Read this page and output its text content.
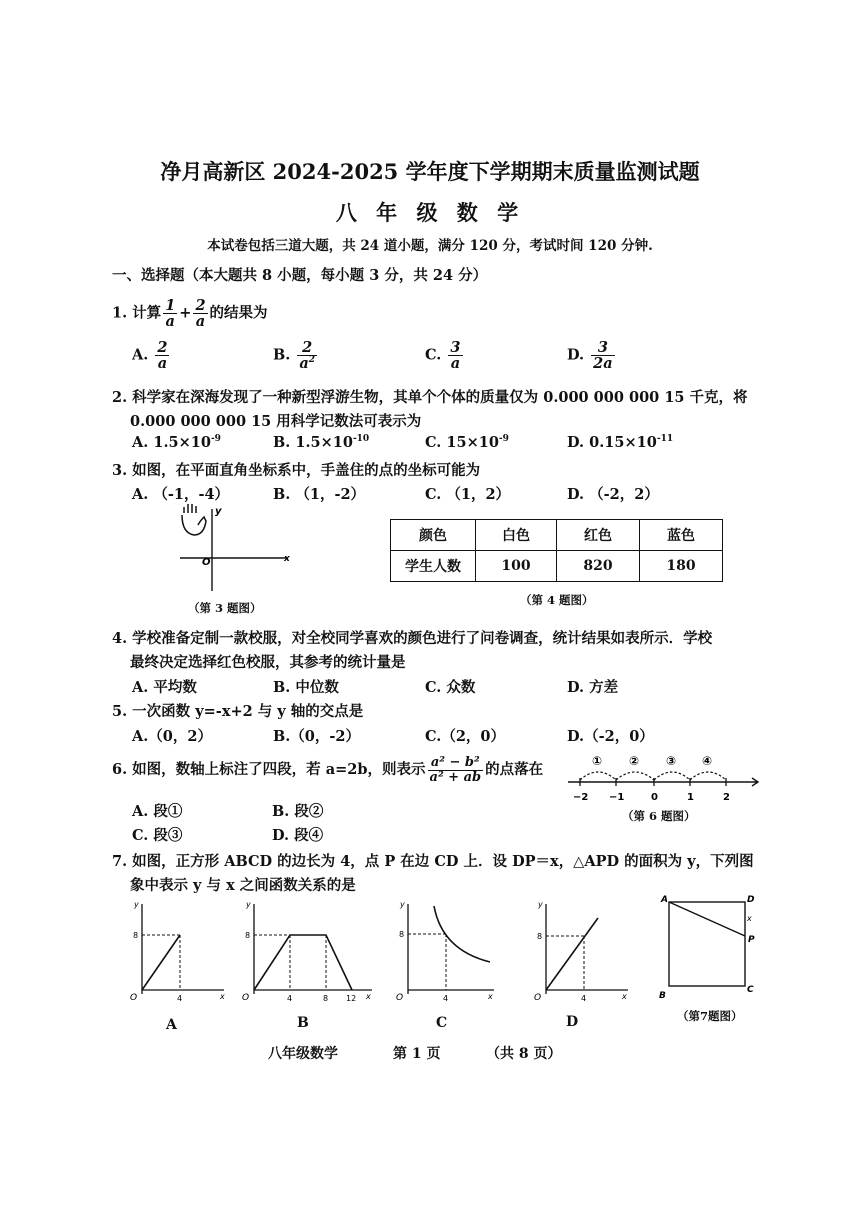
净月高新区 2024-2025 学年度下学期期末质量监测试题
八 年 级 数 学
本试卷包括三道大题，共 24 道小题，满分 120 分，考试时间 120 分钟.
一、选择题（本大题共 8 小题，每小题 3 分，共 24 分）
1. 计算 $\frac{1}{a} + \frac{2}{a}$ 的结果为
A. $\frac{2}{a}$	B. $\frac{2}{a^2}$	C. $\frac{3}{a}$	D. $\frac{3}{2a}$
2. 科学家在深海发现了一种新型浮游生物，其单个个体的质量仅为 0.000 000 000 15 千克，将
0.000 000 000 15 用科学记数法可表示为
A. $1.5\times 10^{-9}$	B. $1.5\times 10^{-10}$	C. $15\times 10^{-9}$	D. $0.15\times 10^{-11}$
3. 如图，在平面直角坐标系中，手盖住的点的坐标可能为
A. （-1，-4）	B. （1，-2）	C. （1，2）	D. （-2，2）
y
O	x
（第 3 题图）
颜色	白色	红色	蓝色
学生人数	100	820	180
（第 4 题图）
4. 学校准备定制一款校服，对全校同学喜欢的颜色进行了问卷调查，统计结果如表所示．学校
最终决定选择红色校服，其参考的统计量是
A. 平均数	B. 中位数	C. 众数	D. 方差
5. 一次函数 y=-x+2 与 y 轴的交点是
A.（0，2）	B.（0，-2）	C.（2，0）	D.（-2，0）
6. 如图，数轴上标注了四段，若 a=2b，则表示 $\frac{\text{a² − b²}}{\text{a² + ab}}$ 的点落在
A. 段①	B. 段②
C. 段③	D. 段④
−2 −1	0	1	2
① ② ③ ④
（第 6 题图）
7. 如图，正方形 ABCD 的边长为 4，点 P 在边 CD 上．设 DP＝x，△APD 的面积为 y，下列图
象中表示 y 与 x 之间函数关系的是
y
8
O	4	x
y
8
O	4	8 12 x
y
8
O	4	x
y
8
O	4	x
A	D
x
P
B
C
（第7题图）
A	B	C	D
八年级数学	第 1 页	（共 8 页）
